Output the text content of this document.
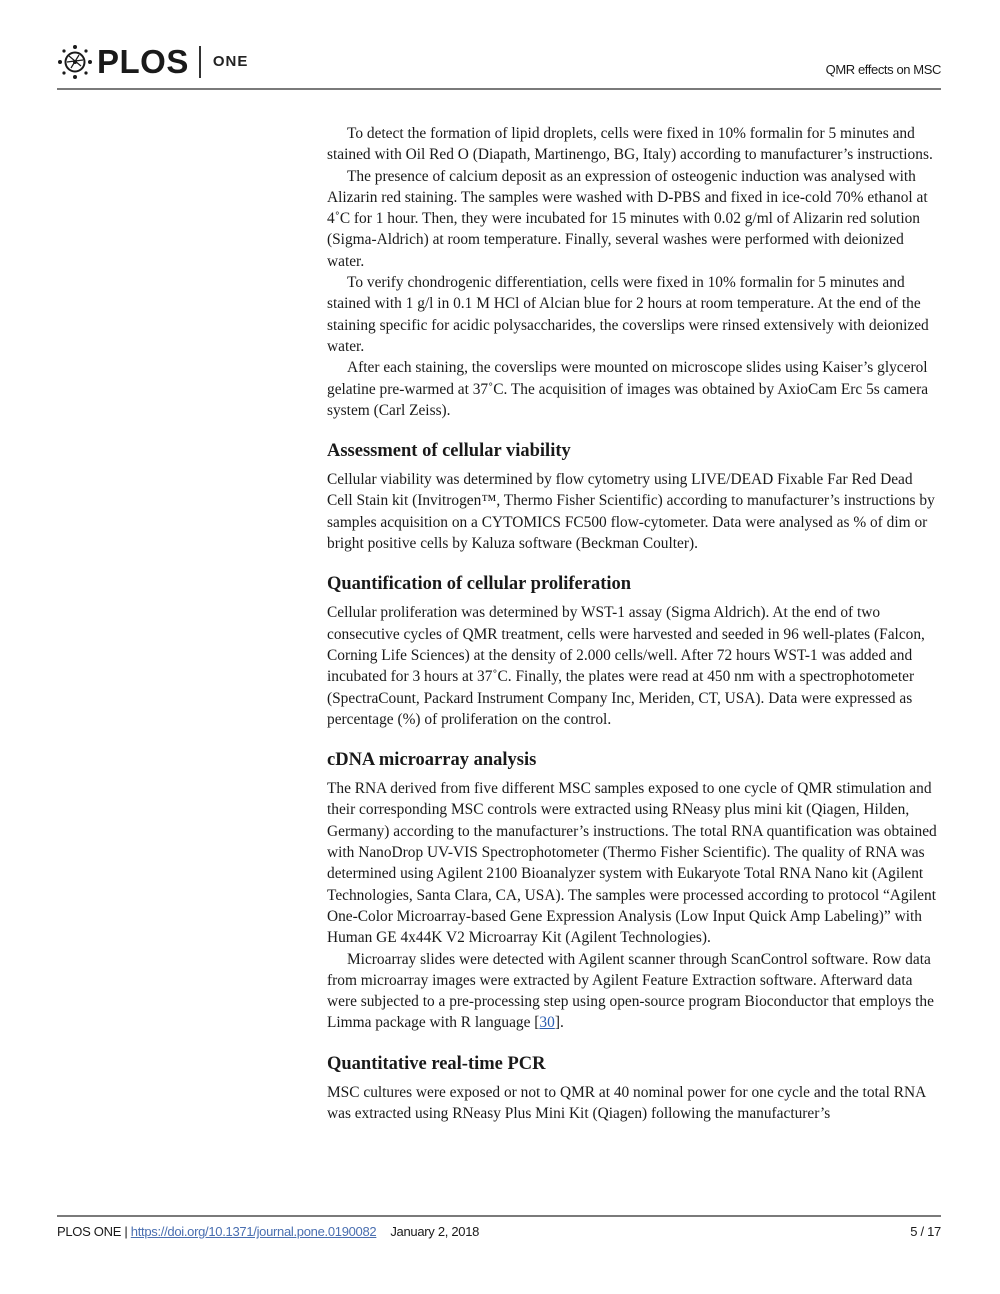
PLOS ONE	QMR effects on MSC

To detect the formation of lipid droplets, cells were fixed in 10% formalin for 5 minutes and stained with Oil Red O (Diapath, Martinengo, BG, Italy) according to manufacturer’s instructions.

The presence of calcium deposit as an expression of osteogenic induction was analysed with Alizarin red staining. The samples were washed with D-PBS and fixed in ice-cold 70% ethanol at 4˚C for 1 hour. Then, they were incubated for 15 minutes with 0.02 g/ml of Alizarin red solution (Sigma-Aldrich) at room temperature. Finally, several washes were performed with deionized water.

To verify chondrogenic differentiation, cells were fixed in 10% formalin for 5 minutes and stained with 1 g/l in 0.1 M HCl of Alcian blue for 2 hours at room temperature. At the end of the staining specific for acidic polysaccharides, the coverslips were rinsed extensively with deionized water.

After each staining, the coverslips were mounted on microscope slides using Kaiser’s glycerol gelatine pre-warmed at 37˚C. The acquisition of images was obtained by AxioCam Erc 5s camera system (Carl Zeiss).

Assessment of cellular viability

Cellular viability was determined by flow cytometry using LIVE/DEAD Fixable Far Red Dead Cell Stain kit (Invitrogen™, Thermo Fisher Scientific) according to manufacturer’s instructions by samples acquisition on a CYTOMICS FC500 flow-cytometer. Data were analysed as % of dim or bright positive cells by Kaluza software (Beckman Coulter).

Quantification of cellular proliferation

Cellular proliferation was determined by WST-1 assay (Sigma Aldrich). At the end of two consecutive cycles of QMR treatment, cells were harvested and seeded in 96 well-plates (Falcon, Corning Life Sciences) at the density of 2.000 cells/well. After 72 hours WST-1 was added and incubated for 3 hours at 37˚C. Finally, the plates were read at 450 nm with a spectrophotometer (SpectraCount, Packard Instrument Company Inc, Meriden, CT, USA). Data were expressed as percentage (%) of proliferation on the control.

cDNA microarray analysis

The RNA derived from five different MSC samples exposed to one cycle of QMR stimulation and their corresponding MSC controls were extracted using RNeasy plus mini kit (Qiagen, Hilden, Germany) according to the manufacturer’s instructions. The total RNA quantification was obtained with NanoDrop UV-VIS Spectrophotometer (Thermo Fisher Scientific). The quality of RNA was determined using Agilent 2100 Bioanalyzer system with Eukaryote Total RNA Nano kit (Agilent Technologies, Santa Clara, CA, USA). The samples were processed according to protocol “Agilent One-Color Microarray-based Gene Expression Analysis (Low Input Quick Amp Labeling)” with Human GE 4x44K V2 Microarray Kit (Agilent Technologies).

Microarray slides were detected with Agilent scanner through ScanControl software. Row data from microarray images were extracted by Agilent Feature Extraction software. Afterward data were subjected to a pre-processing step using open-source program Bioconductor that employs the Limma package with R language [30].

Quantitative real-time PCR

MSC cultures were exposed or not to QMR at 40 nominal power for one cycle and the total RNA was extracted using RNeasy Plus Mini Kit (Qiagen) following the manufacturer’s

PLOS ONE | https://doi.org/10.1371/journal.pone.0190082 January 2, 2018	5 / 17
